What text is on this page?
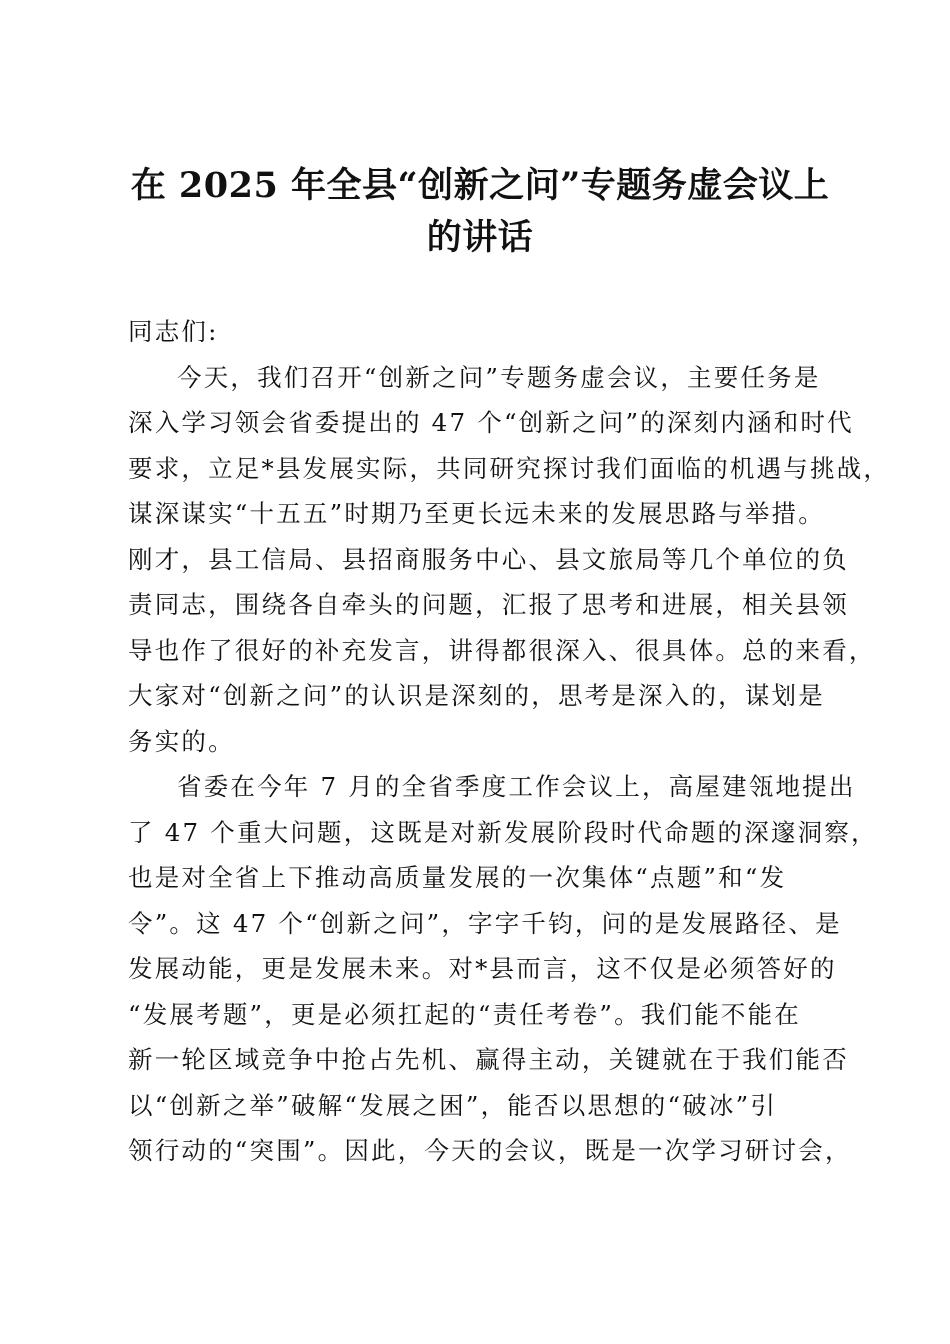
在 2025 年全县“创新之问”专题务虚会议上
的讲话
同志们:

今天，我们召开“创新之问”专题务虚会议，主要任务是
深入学习领会省委提出的 47 个“创新之问”的深刻内涵和时代
要求，立足*县发展实际，共同研究探讨我们面临的机遇与挑战，
谋深谋实“十五五”时期乃至更长远未来的发展思路与举措。
刚才，县工信局、县招商服务中心、县文旅局等几个单位的负
责同志，围绕各自牵头的问题，汇报了思考和进展，相关县领
导也作了很好的补充发言，讲得都很深入、很具体。总的来看，
大家对“创新之问”的认识是深刻的，思考是深入的，谋划是
务实的。

省委在今年 7 月的全省季度工作会议上，高屋建瓴地提出
了 47 个重大问题，这既是对新发展阶段时代命题的深邃洞察，
也是对全省上下推动高质量发展的一次集体“点题”和“发
令”。这 47 个“创新之问”，字字千钧，问的是发展路径、是
发展动能，更是发展未来。对*县而言，这不仅是必须答好的
“发展考题”，更是必须扛起的“责任考卷”。我们能不能在
新一轮区域竞争中抢占先机、赢得主动，关键就在于我们能否
以“创新之举”破解“发展之困”，能否以思想的“破冰”引
领行动的“突围”。因此，今天的会议，既是一次学习研讨会，
